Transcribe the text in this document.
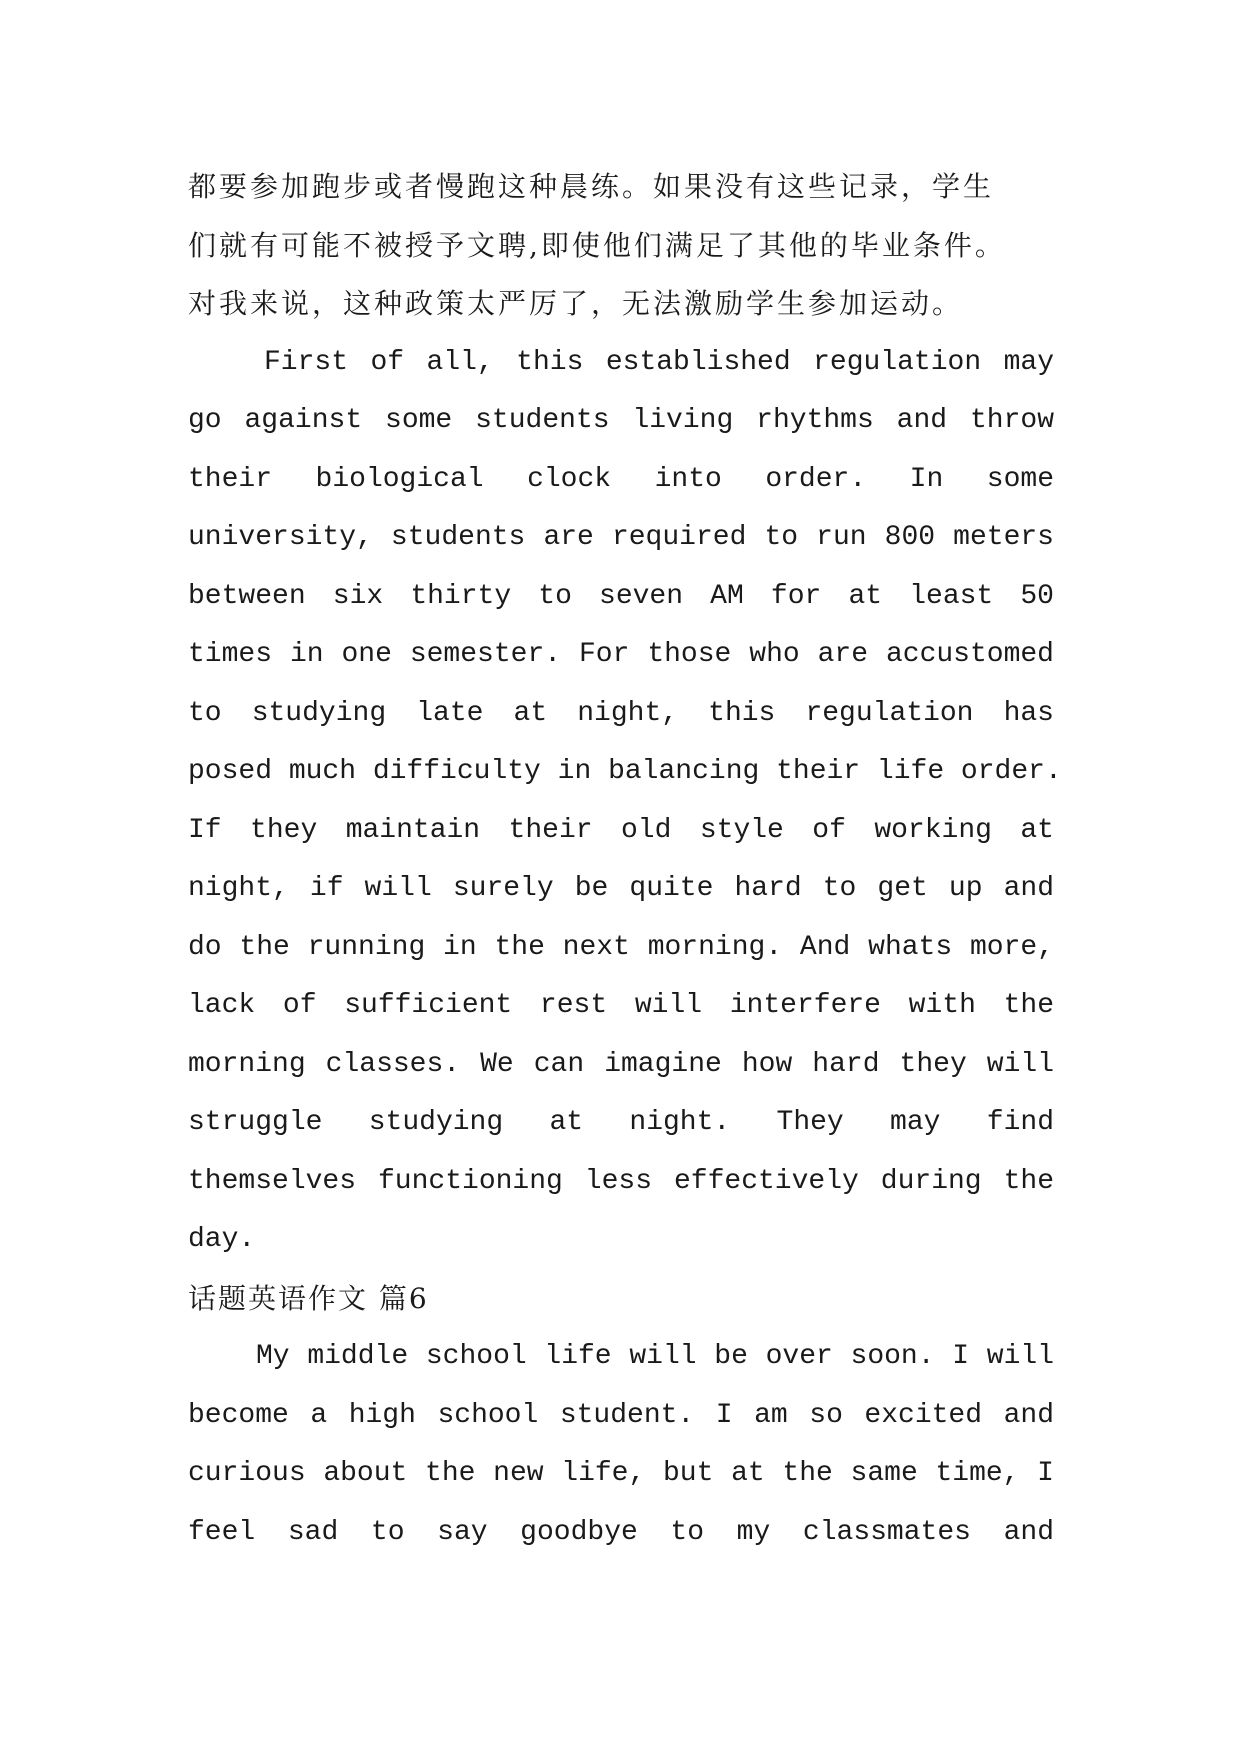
都要参加跑步或者慢跑这种晨练。如果没有这些记录，学生
们就有可能不被授予文聘,即使他们满足了其他的毕业条件。
对我来说，这种政策太严厉了，无法激励学生参加运动。
First of all, this established regulation may
go against some students living rhythms and throw
their biological clock into order. In some
university, students are required to run 800 meters
between six thirty to seven AM for at least 50
times in one semester. For those who are accustomed
to studying late at night, this regulation has
posed much difficulty in balancing their life order.
If they maintain their old style of working at
night, if will surely be quite hard to get up and
do the running in the next morning. And whats more,
lack of sufficient rest will interfere with the
morning classes. We can imagine how hard they will
struggle studying at night. They may find
themselves functioning less effectively during the
day.
话题英语作文 篇6
My middle school life will be over soon. I will
become a high school student. I am so excited and
curious about the new life, but at the same time, I
feel sad to say goodbye to my classmates and
